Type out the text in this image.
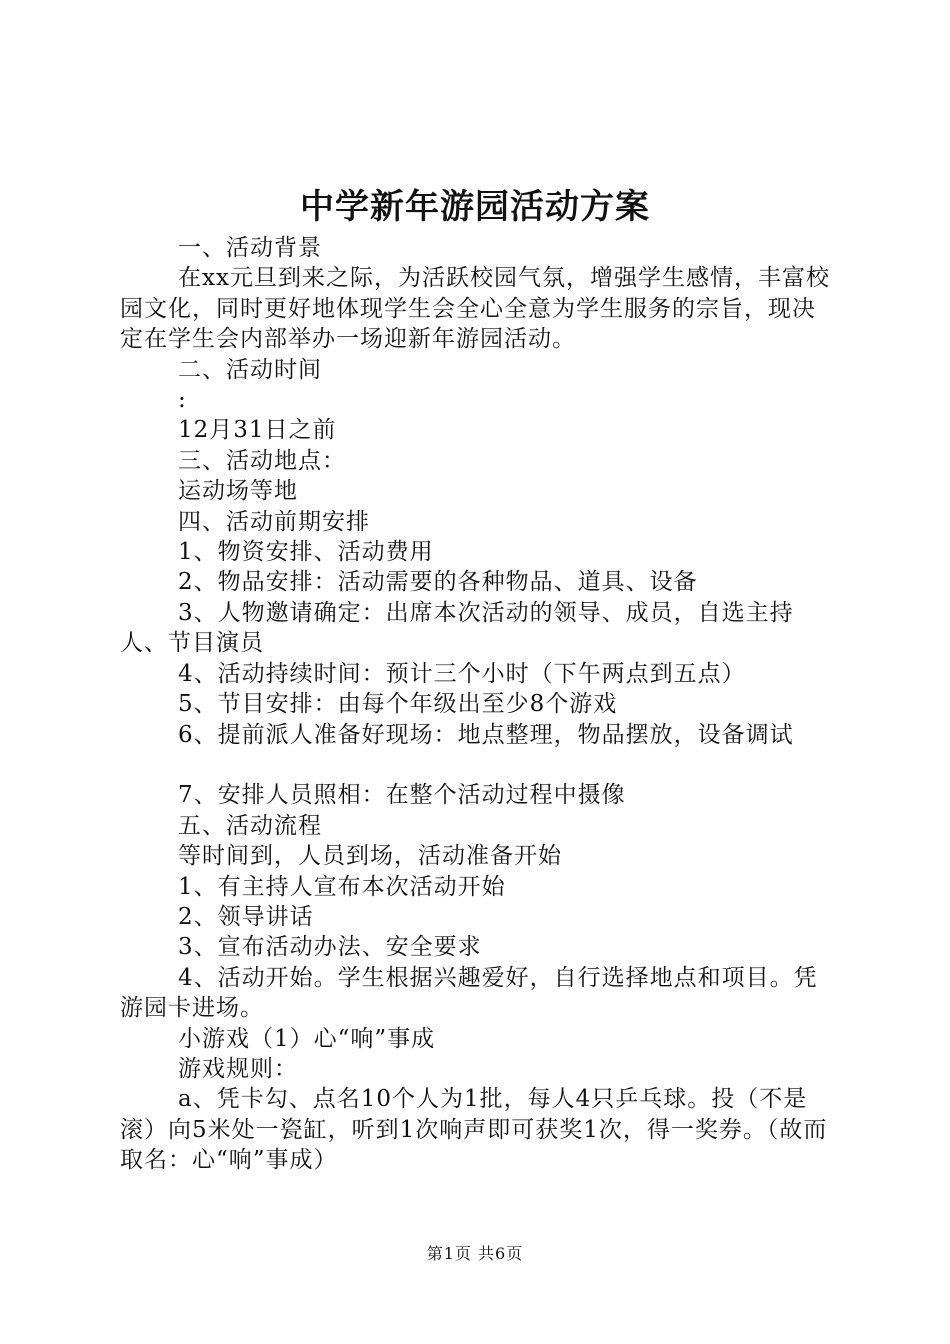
中学新年游园活动方案

一、活动背景

在xx元旦到来之际，为活跃校园气氛，增强学生感情，丰富校园文化，同时更好地体现学生会全心全意为学生服务的宗旨，现决定在学生会内部举办一场迎新年游园活动。

二、活动时间

:

12月31日之前

三、活动地点：

运动场等地

四、活动前期安排

1、物资安排、活动费用

2、物品安排：活动需要的各种物品、道具、设备

3、人物邀请确定：出席本次活动的领导、成员，自选主持人、节目演员

4、活动持续时间：预计三个小时（下午两点到五点）

5、节目安排：由每个年级出至少8个游戏

6、提前派人准备好现场：地点整理，物品摆放，设备调试

7、安排人员照相：在整个活动过程中摄像

五、活动流程

等时间到，人员到场，活动准备开始

1、有主持人宣布本次活动开始

2、领导讲话

3、宣布活动办法、安全要求

4、活动开始。学生根据兴趣爱好，自行选择地点和项目。凭游园卡进场。

小游戏（1）心“响”事成

游戏规则：

a、凭卡勾、点名10个人为1批，每人4只乒乓球。投（不是滚）向5米处一瓷缸，听到1次响声即可获奖1次，得一奖券。（故而取名：心“响”事成）

第1页 共6页
